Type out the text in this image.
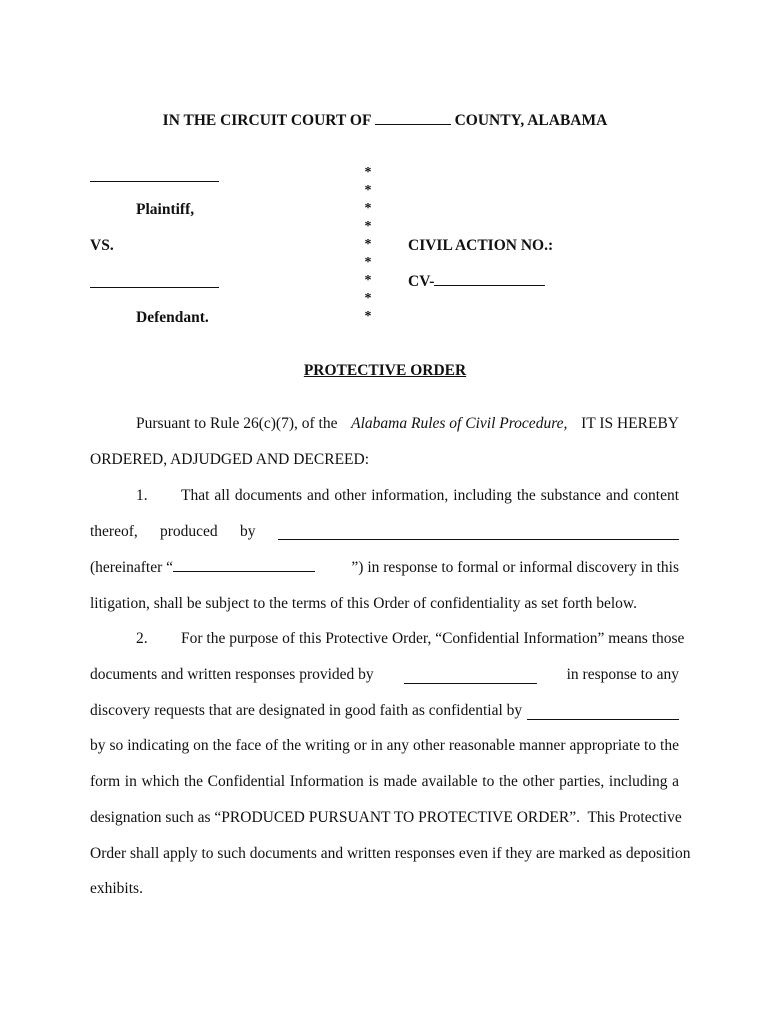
IN THE CIRCUIT COURT OF	COUNTY, ALABAMA
Plaintiff,
VS.
Defendant.
*
*
*
*
*
*
*
*
*
CIVIL ACTION NO.:
CV-
PROTECTIVE ORDER
Pursuant to Rule 26(c)(7), of the Alabama Rules of Civil Procedure, IT IS HEREBY
ORDERED, ADJUDGED AND DECREED:
1. That all documents and other information, including the substance and content
thereof, produced by
(hereinafter “	”) in response to formal or informal discovery in this
litigation, shall be subject to the terms of this Order of confidentiality as set forth below.
2. For the purpose of this Protective Order, “Confidential Information” means those
documents and written responses provided by	in response to any
discovery requests that are designated in good faith as confidential by
by so indicating on the face of the writing or in any other reasonable manner appropriate to the
form in which the Confidential Information is made available to the other parties, including a
designation such as “PRODUCED PURSUANT TO PROTECTIVE ORDER”.  This Protective
Order shall apply to such documents and written responses even if they are marked as deposition
exhibits.
